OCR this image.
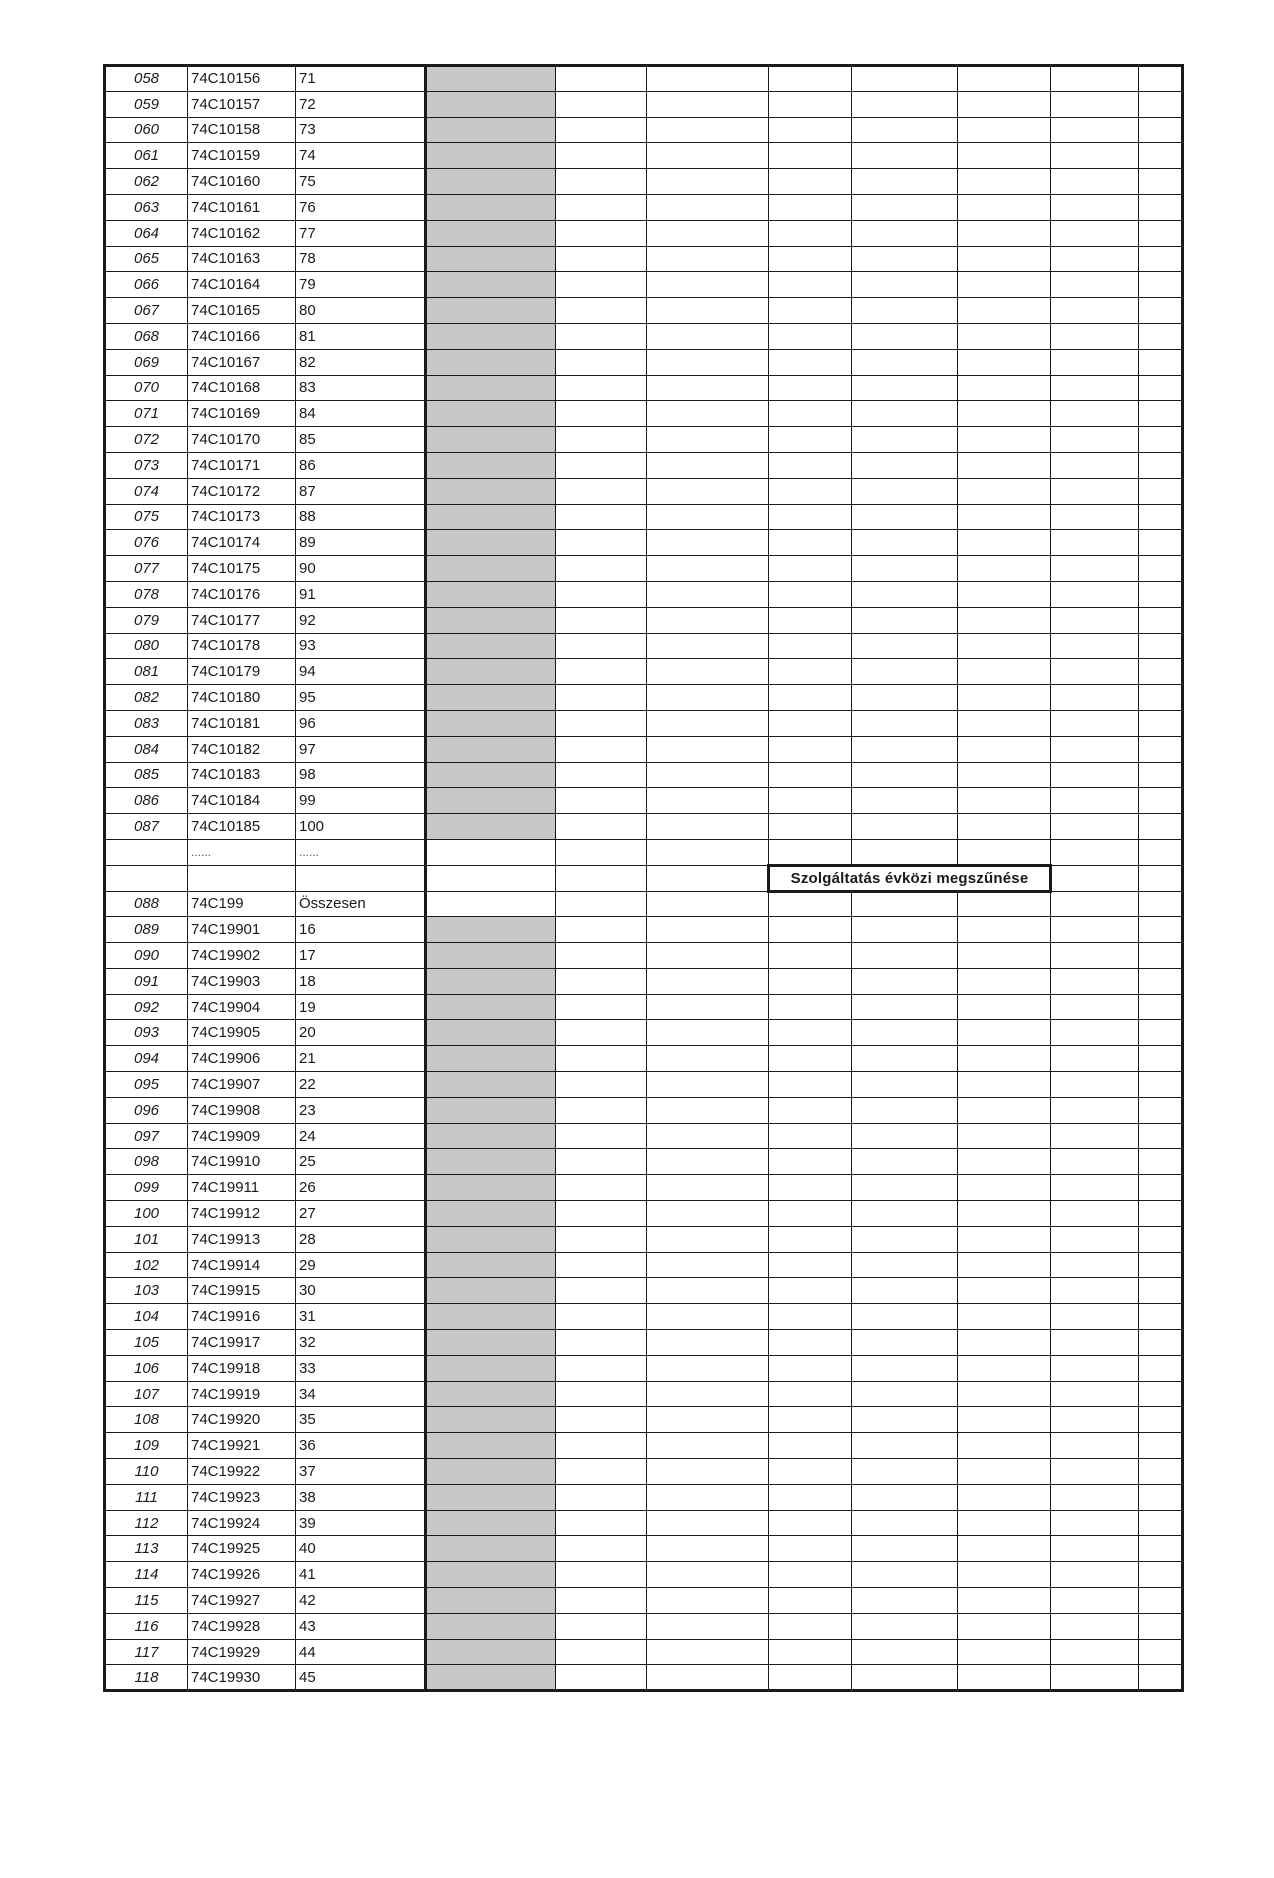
058	74C10156	71								
059	74C10157	72								
060	74C10158	73								
061	74C10159	74								
062	74C10160	75								
063	74C10161	76								
064	74C10162	77								
065	74C10163	78								
066	74C10164	79								
067	74C10165	80								
068	74C10166	81								
069	74C10167	82								
070	74C10168	83								
071	74C10169	84								
072	74C10170	85								
073	74C10171	86								
074	74C10172	87								
075	74C10173	88								
076	74C10174	89								
077	74C10175	90								
078	74C10176	91								
079	74C10177	92								
080	74C10178	93								
081	74C10179	94								
082	74C10180	95								
083	74C10181	96								
084	74C10182	97								
085	74C10183	98								
086	74C10184	99								
087	74C10185	100								
	......	......								
						Szolgáltatás évközi megszűnése				
088	74C199	Összesen								
089	74C19901	16								
090	74C19902	17								
091	74C19903	18								
092	74C19904	19								
093	74C19905	20								
094	74C19906	21								
095	74C19907	22								
096	74C19908	23								
097	74C19909	24								
098	74C19910	25								
099	74C19911	26								
100	74C19912	27								
101	74C19913	28								
102	74C19914	29								
103	74C19915	30								
104	74C19916	31								
105	74C19917	32								
106	74C19918	33								
107	74C19919	34								
108	74C19920	35								
109	74C19921	36								
110	74C19922	37								
111	74C19923	38								
112	74C19924	39								
113	74C19925	40								
114	74C19926	41								
115	74C19927	42								
116	74C19928	43								
117	74C19929	44								
118	74C19930	45								
